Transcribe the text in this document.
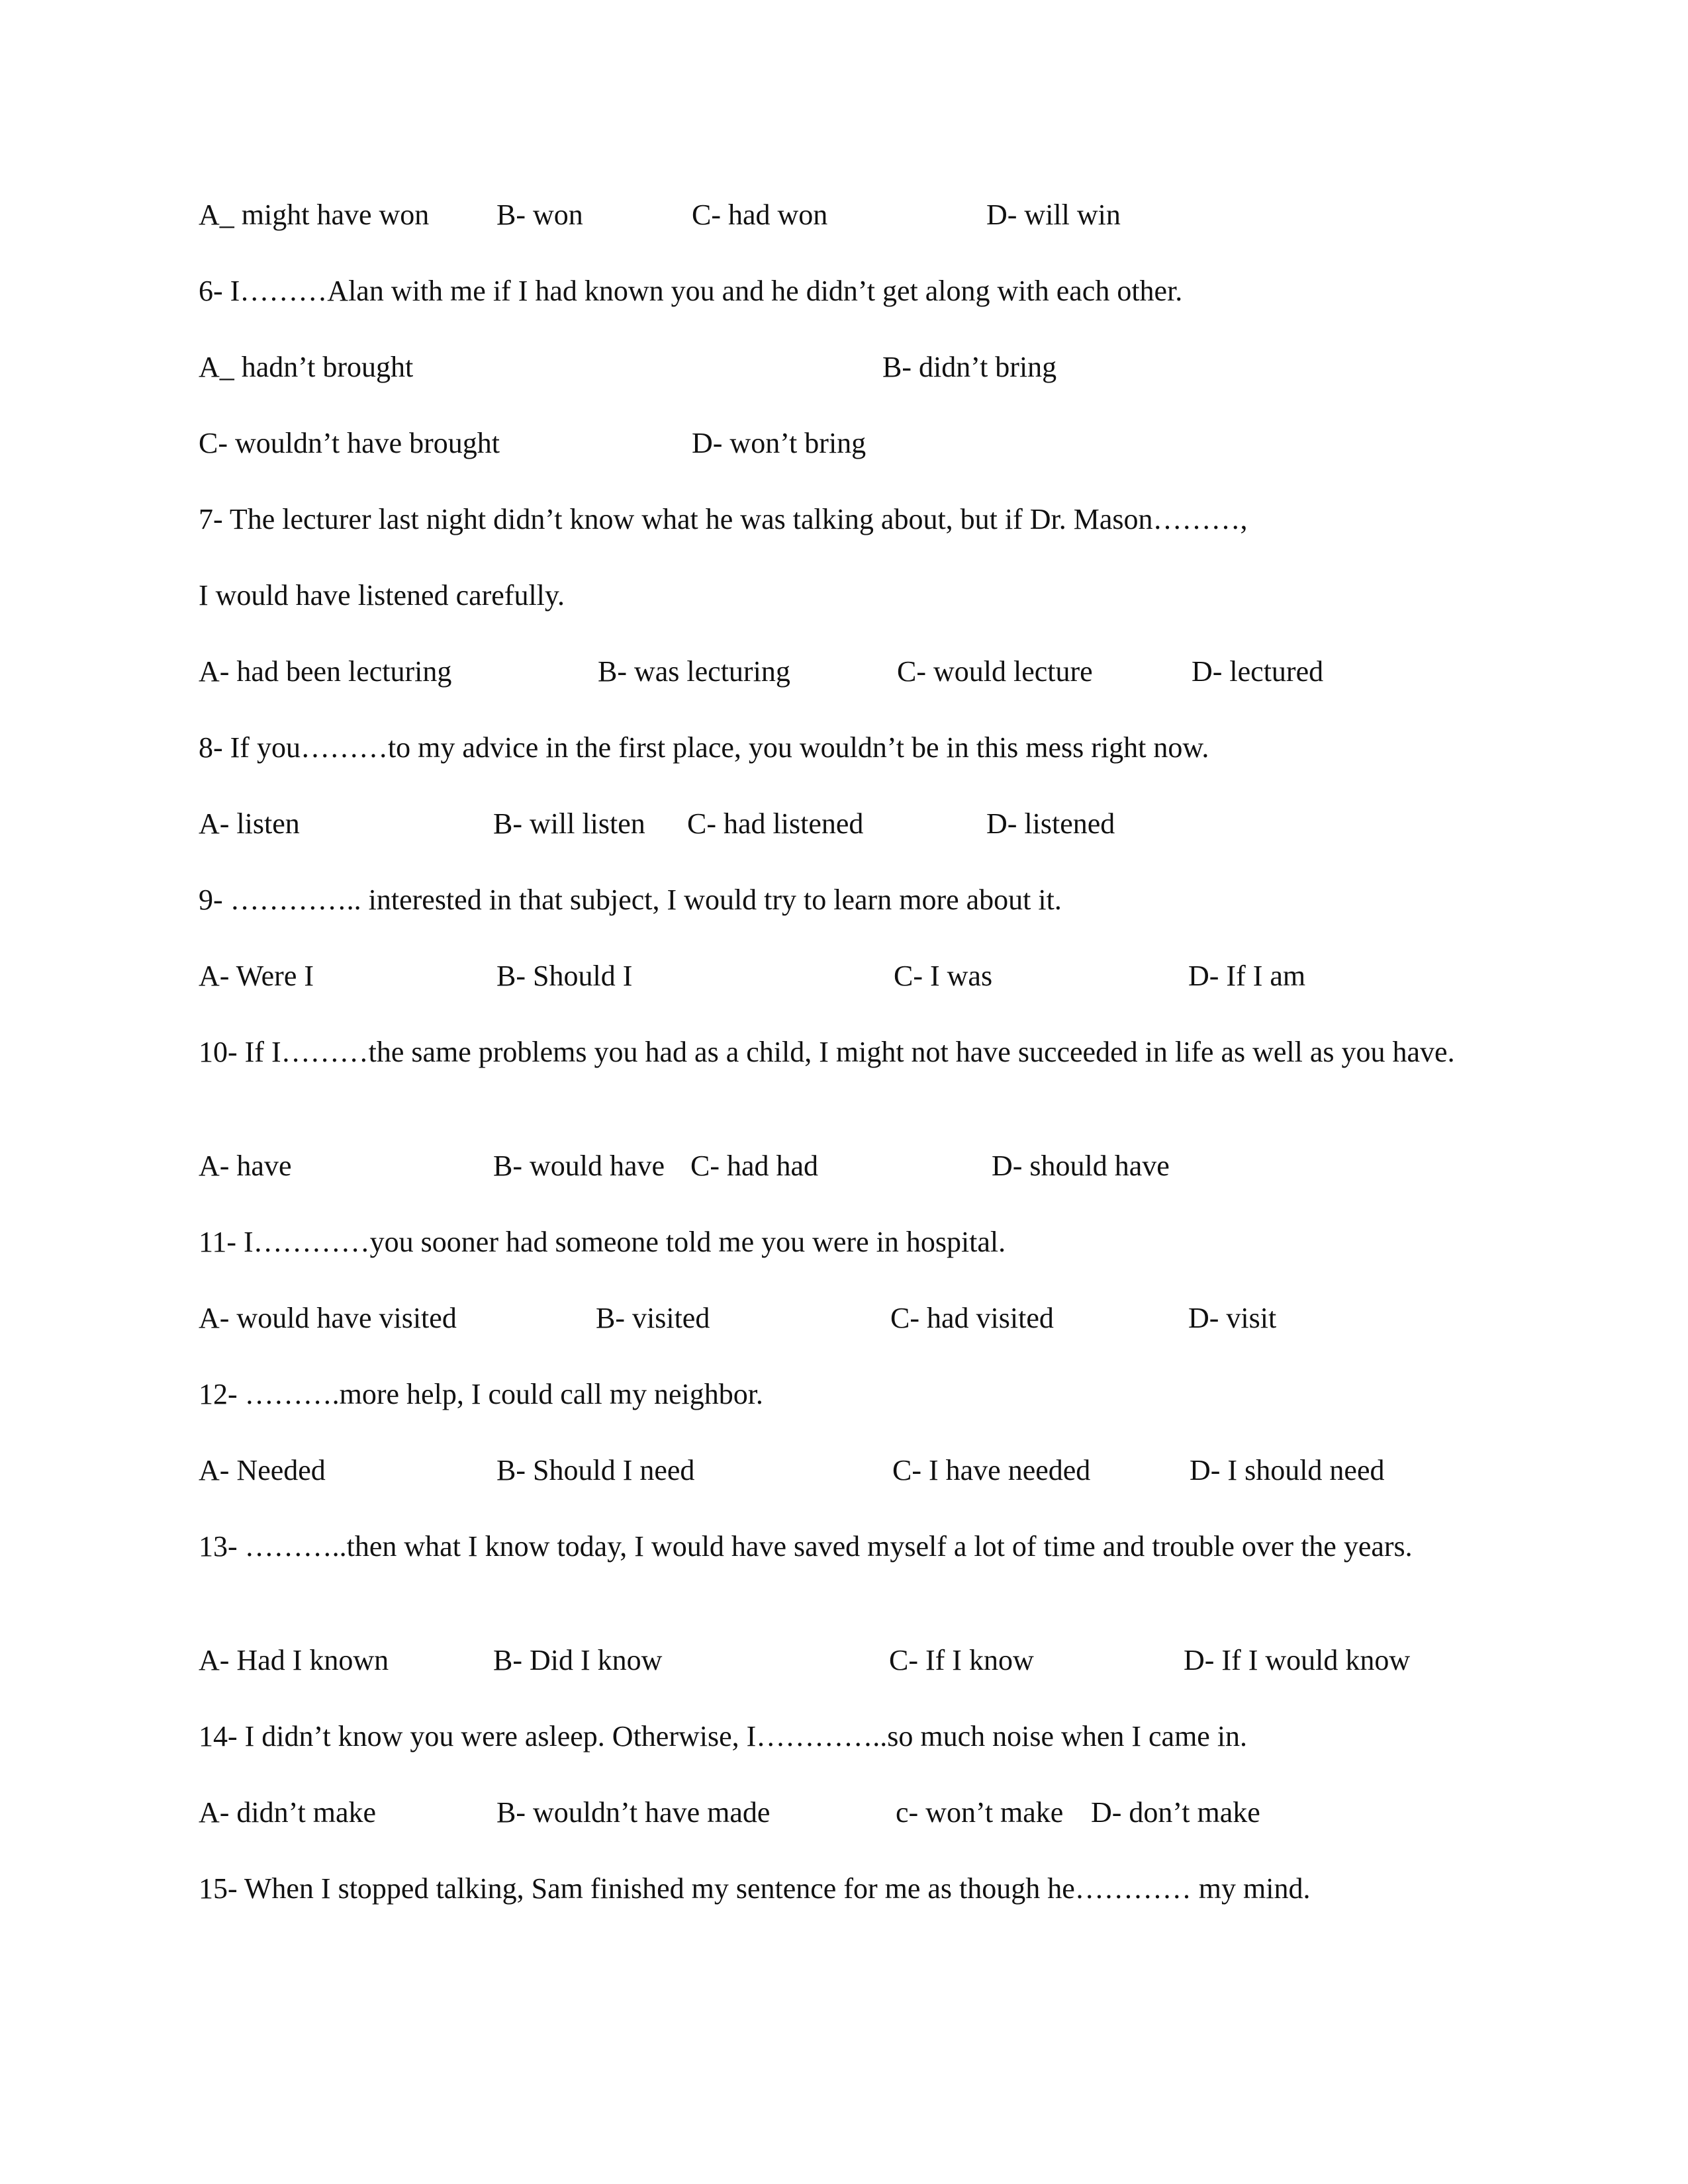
A_ might have won B- won	C- had won	D- will win
6- I………Alan with me if I had known you and he didn’t get along with each other.
A_ hadn’t brought	B- didn’t bring
C- wouldn’t have brought	D- won’t bring
7- The lecturer last night didn’t know what he was talking about, but if Dr. Mason………,
I would have listened carefully.
A- had been lecturing	B- was lecturing	C- would lecture	D- lectured
8- If you………to my advice in the first place, you wouldn’t be in this mess right now.
A- listen	B- will listen C- had listened	D- listened
9- ………….. interested in that subject, I would try to learn more about it.
A- Were I	B- Should I	C- I was	D- If I am
10- If I………the same problems you had as a child, I might not have succeeded in life as well as you have.
A- have	B- would have C- had had	D- should have
11- I…………you sooner had someone told me you were in hospital.
A- would have visited	B- visited	C- had visited	D- visit
12- ……….more help, I could call my neighbor.
A- Needed	B- Should I need	C- I have needed	D- I should need
13- ………..then what I know today, I would have saved myself a lot of time and trouble over the years.
A- Had I known	B- Did I know	C- If I know	D- If I would know
14- I didn’t know you were asleep. Otherwise, I…………..so much noise when I came in.
A- didn’t make	B- wouldn’t have made	c- won’t make D- don’t make
15- When I stopped talking, Sam finished my sentence for me as though he………… my mind.
